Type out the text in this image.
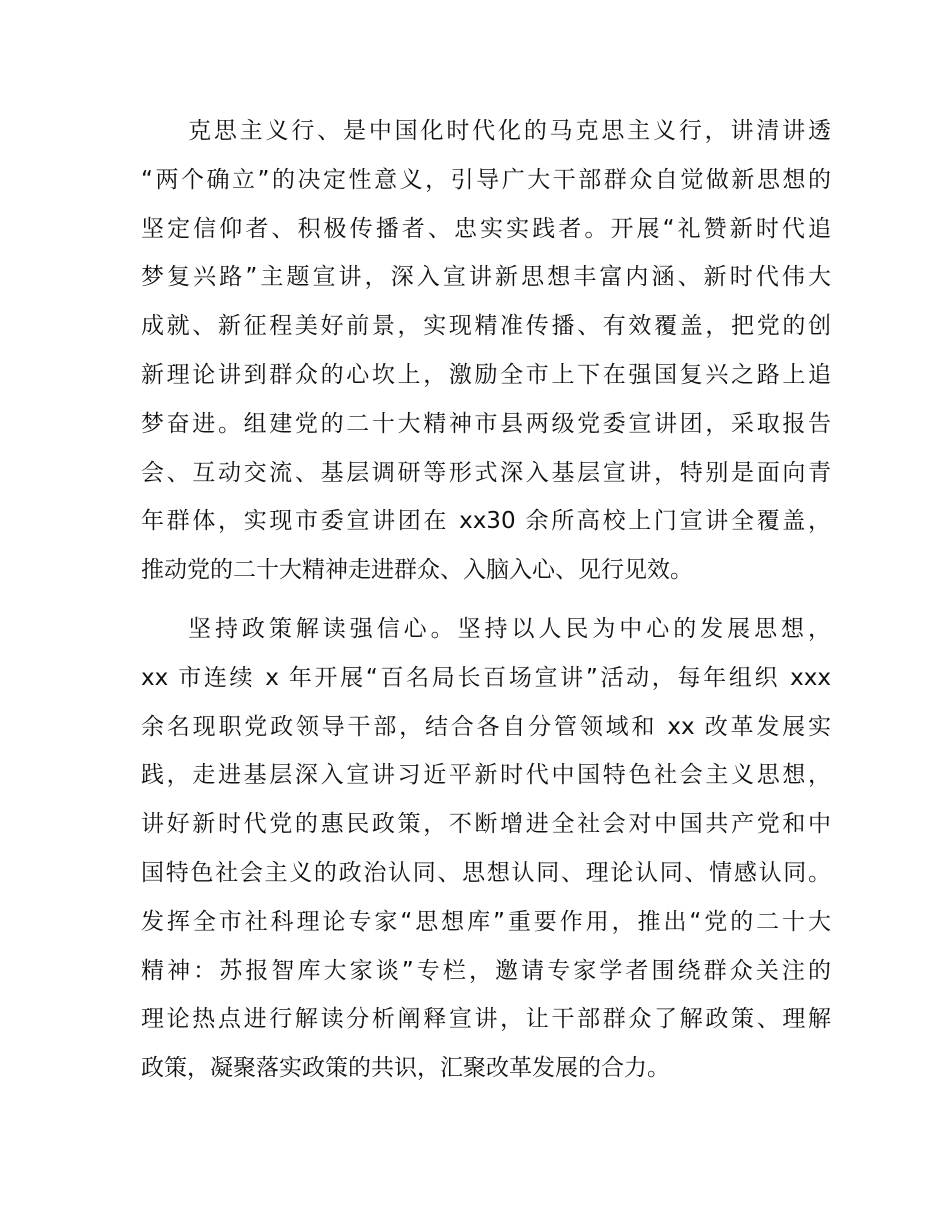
克思主义行、是中国化时代化的马克思主义行，讲清讲透
“两个确立”的决定性意义，引导广大干部群众自觉做新思想的
坚定信仰者、积极传播者、忠实实践者。开展“礼赞新时代追
梦复兴路”主题宣讲，深入宣讲新思想丰富内涵、新时代伟大
成就、新征程美好前景，实现精准传播、有效覆盖，把党的创
新理论讲到群众的心坎上，激励全市上下在强国复兴之路上追
梦奋进。组建党的二十大精神市县两级党委宣讲团，采取报告
会、互动交流、基层调研等形式深入基层宣讲，特别是面向青
年群体，实现市委宣讲团在 xx30 余所高校上门宣讲全覆盖，
推动党的二十大精神走进群众、入脑入心、见行见效。
坚持政策解读强信心。坚持以人民为中心的发展思想，
xx 市连续 x 年开展“百名局长百场宣讲”活动，每年组织 xxx
余名现职党政领导干部，结合各自分管领域和 xx 改革发展实
践，走进基层深入宣讲习近平新时代中国特色社会主义思想，
讲好新时代党的惠民政策，不断增进全社会对中国共产党和中
国特色社会主义的政治认同、思想认同、理论认同、情感认同。
发挥全市社科理论专家“思想库”重要作用，推出“党的二十大
精神：苏报智库大家谈”专栏，邀请专家学者围绕群众关注的
理论热点进行解读分析阐释宣讲，让干部群众了解政策、理解
政策，凝聚落实政策的共识，汇聚改革发展的合力。
